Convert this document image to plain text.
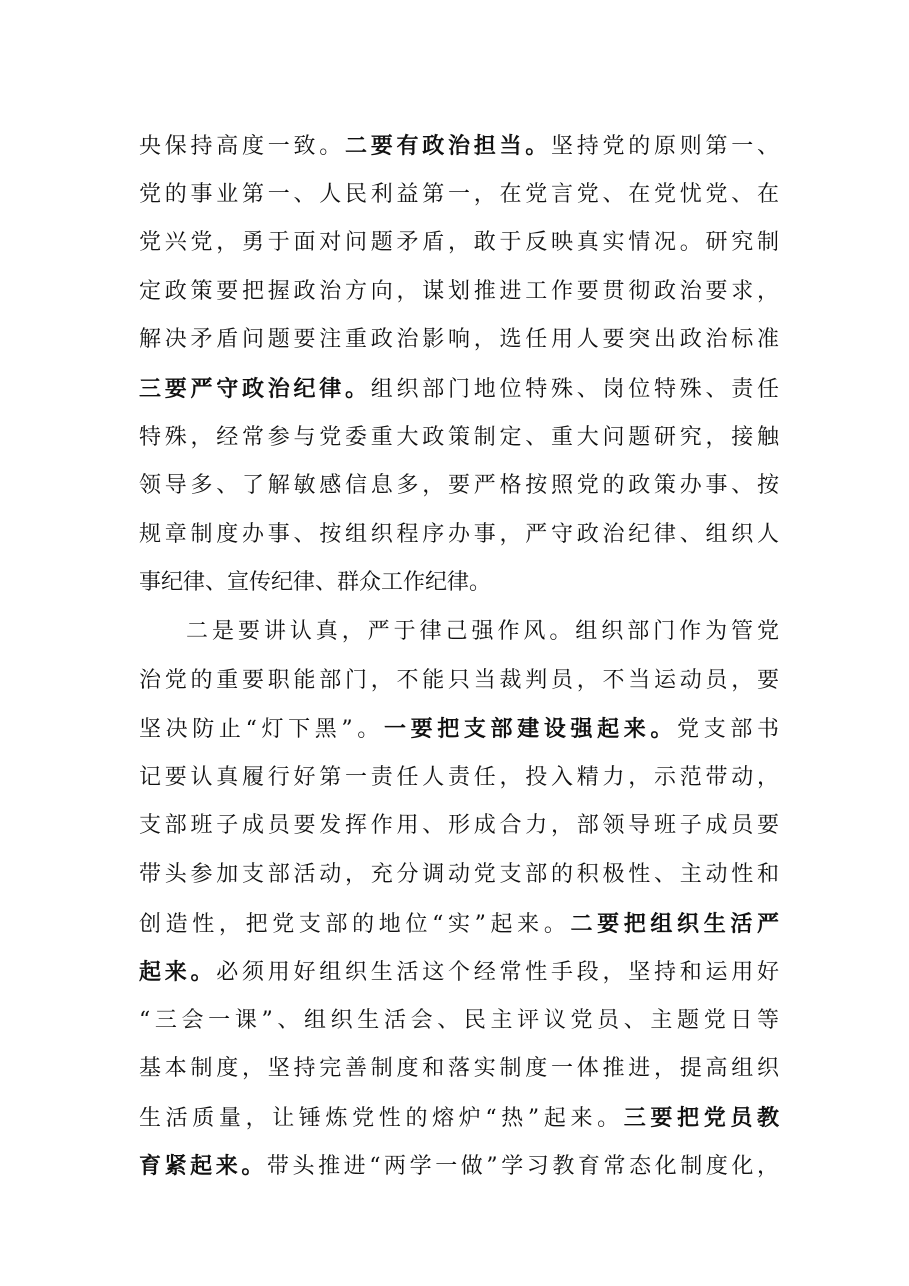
央保持高度一致。二要有政治担当。坚持党的原则第一、
党的事业第一、人民利益第一，在党言党、在党忧党、在
党兴党，勇于面对问题矛盾，敢于反映真实情况。研究制
定政策要把握政治方向，谋划推进工作要贯彻政治要求，
解决矛盾问题要注重政治影响，选任用人要突出政治标准
三要严守政治纪律。组织部门地位特殊、岗位特殊、责任
特殊，经常参与党委重大政策制定、重大问题研究，接触
领导多、了解敏感信息多，要严格按照党的政策办事、按
规章制度办事、按组织程序办事，严守政治纪律、组织人
事纪律、宣传纪律、群众工作纪律。
二是要讲认真，严于律己强作风。组织部门作为管党
治党的重要职能部门，不能只当裁判员，不当运动员，要
坚决防止“灯下黑”。一要把支部建设强起来。党支部书
记要认真履行好第一责任人责任，投入精力，示范带动，
支部班子成员要发挥作用、形成合力，部领导班子成员要
带头参加支部活动，充分调动党支部的积极性、主动性和
创造性，把党支部的地位“实”起来。二要把组织生活严
起来。必须用好组织生活这个经常性手段，坚持和运用好
“三会一课”、组织生活会、民主评议党员、主题党日等
基本制度，坚持完善制度和落实制度一体推进，提高组织
生活质量，让锤炼党性的熔炉“热”起来。三要把党员教
育紧起来。带头推进“两学一做”学习教育常态化制度化，
